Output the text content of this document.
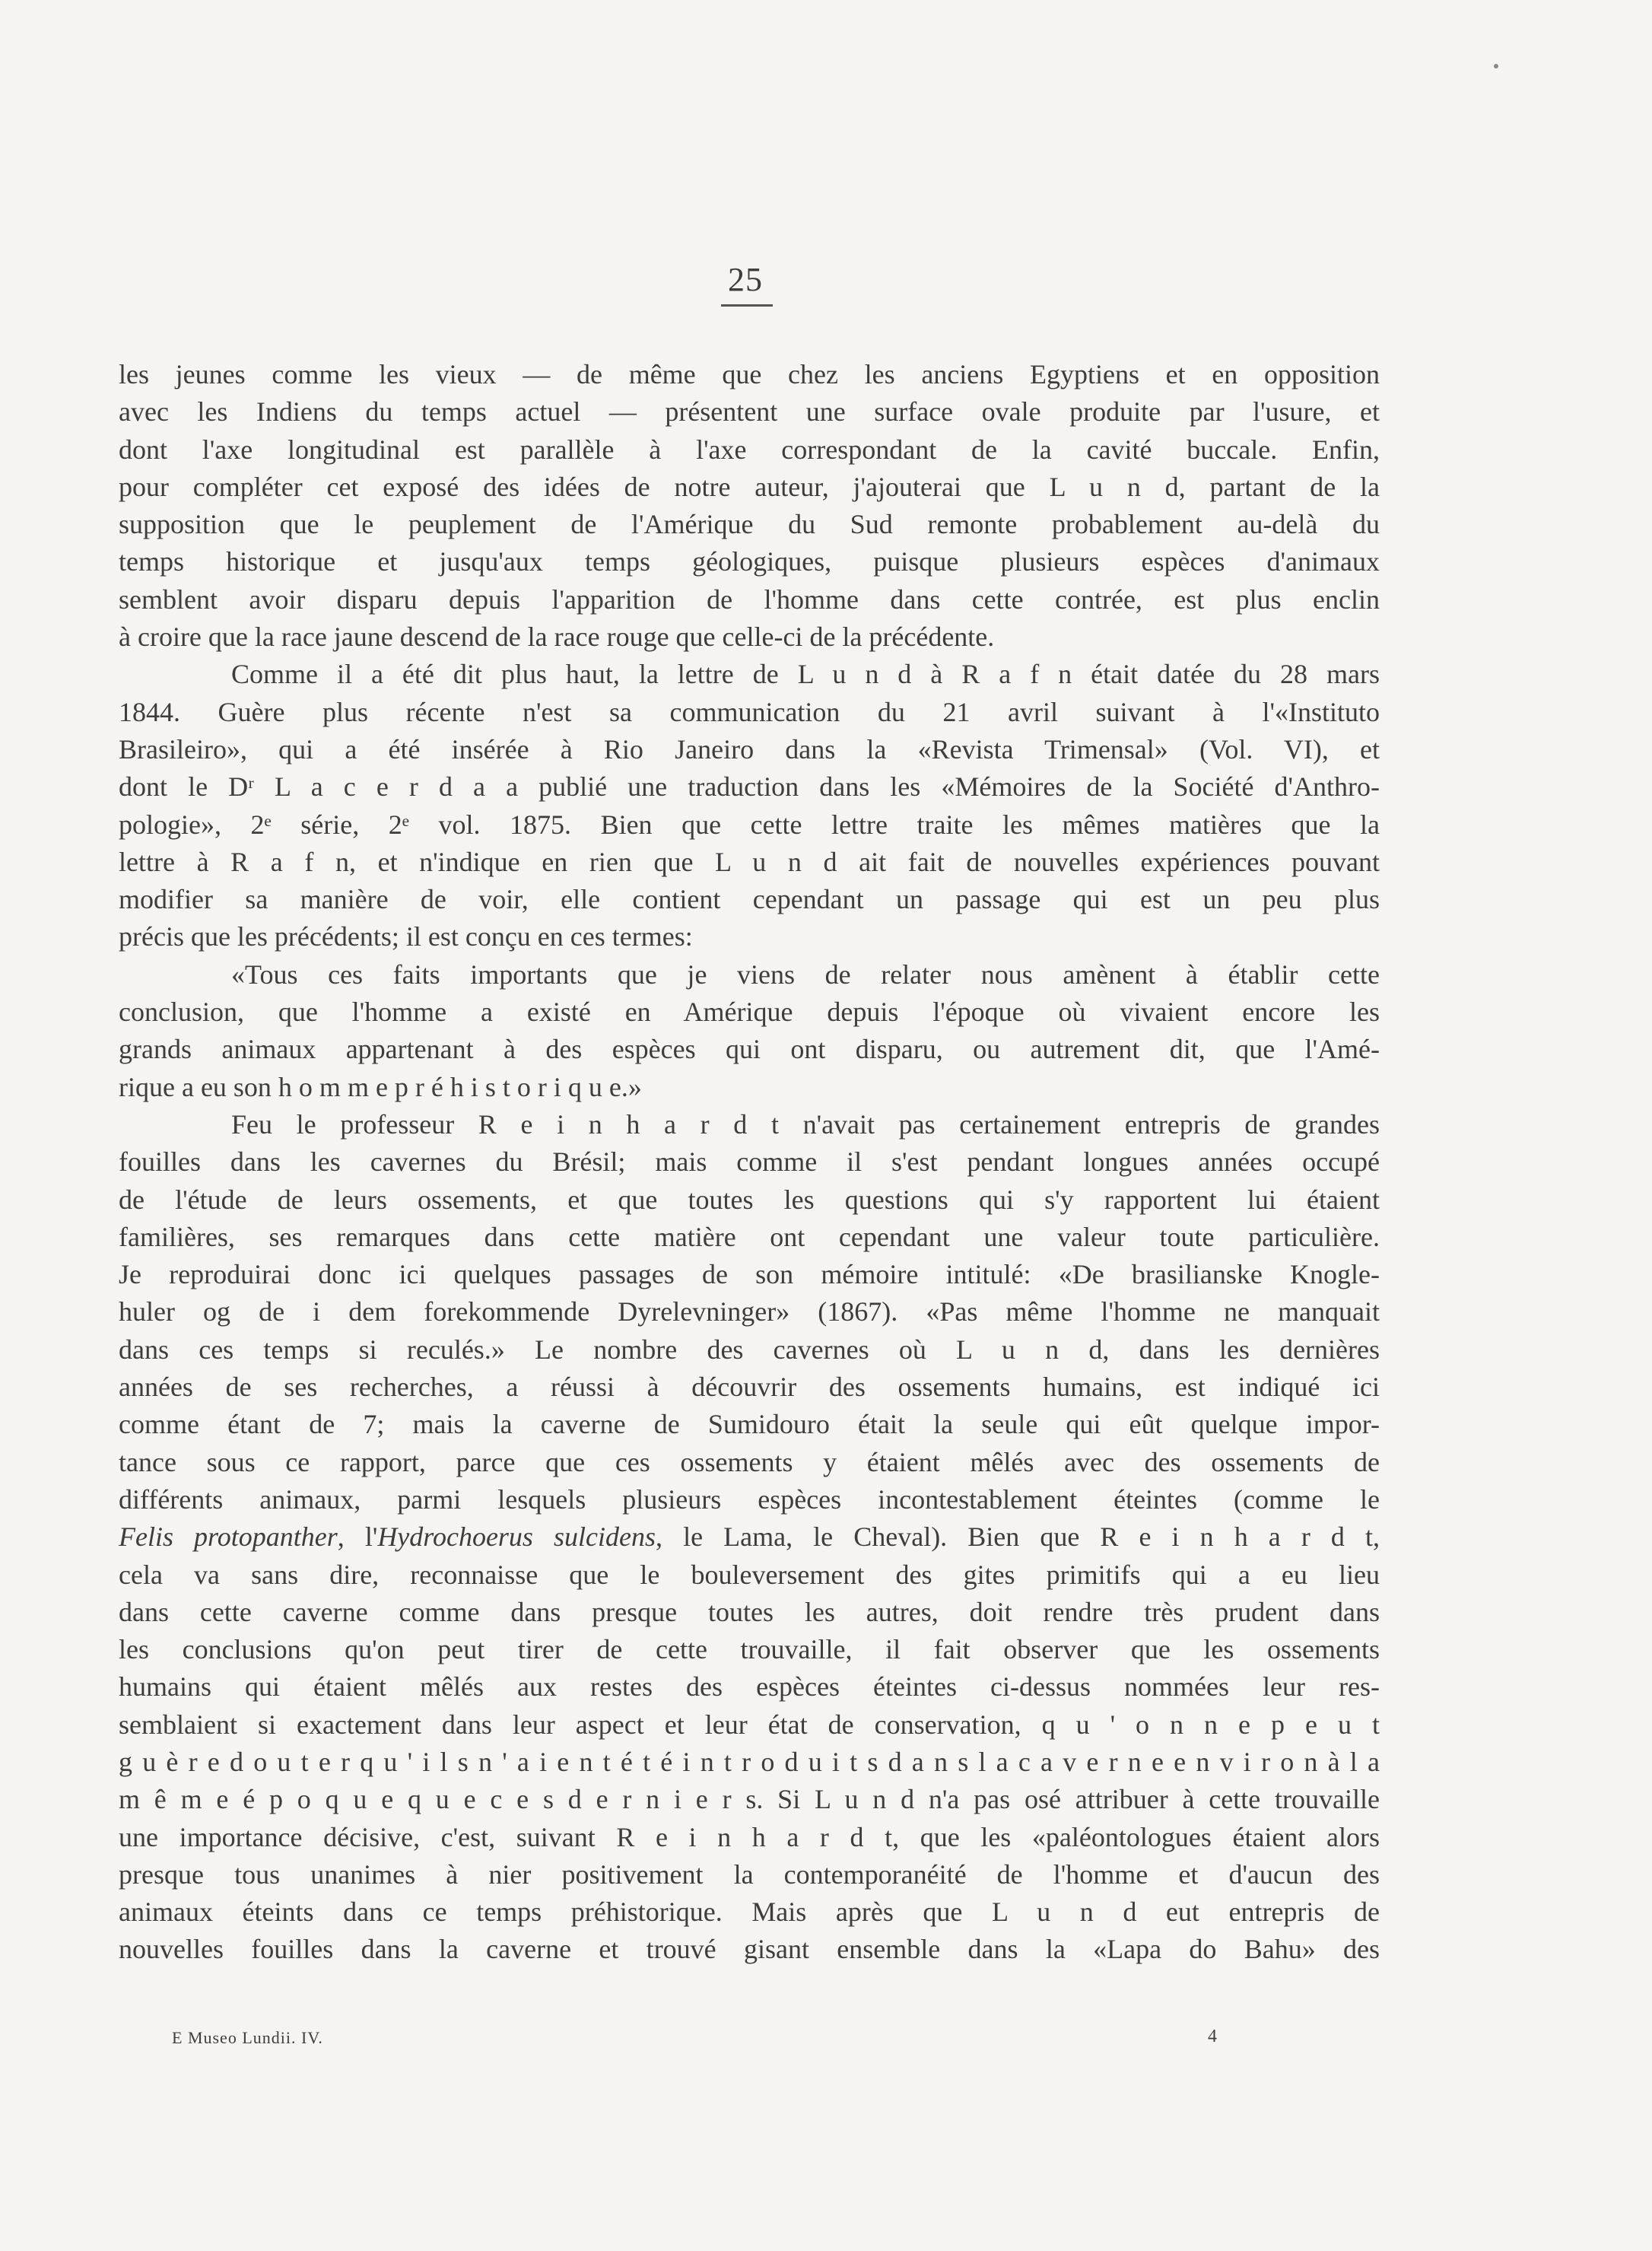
25
les jeunes comme les vieux — de même que chez les anciens Egyptiens et en opposition
avec les Indiens du temps actuel — présentent une surface ovale produite par l'usure, et
dont l'axe longitudinal est parallèle à l'axe correspondant de la cavité buccale. Enfin,
pour compléter cet exposé des idées de notre auteur, j'ajouterai que L u n d, partant de la
supposition que le peuplement de l'Amérique du Sud remonte probablement au-delà du
temps historique et jusqu'aux temps géologiques, puisque plusieurs espèces d'animaux
semblent avoir disparu depuis l'apparition de l'homme dans cette contrée, est plus enclin
à croire que la race jaune descend de la race rouge que celle-ci de la précédente.
Comme il a été dit plus haut, la lettre de L u n d à R a f n était datée du 28 mars
1844. Guère plus récente n'est sa communication du 21 avril suivant à l'«Instituto
Brasileiro», qui a été insérée à Rio Janeiro dans la «Revista Trimensal» (Vol. VI), et
dont le Dʳ L a c e r d a a publié une traduction dans les «Mémoires de la Société d'Anthro-
pologie», 2ᵉ série, 2ᵉ vol. 1875. Bien que cette lettre traite les mêmes matières que la
lettre à R a f n, et n'indique en rien que L u n d ait fait de nouvelles expériences pouvant
modifier sa manière de voir, elle contient cependant un passage qui est un peu plus
précis que les précédents; il est conçu en ces termes:
«Tous ces faits importants que je viens de relater nous amènent à établir cette
conclusion, que l'homme a existé en Amérique depuis l'époque où vivaient encore les
grands animaux appartenant à des espèces qui ont disparu, ou autrement dit, que l'Amé-
rique a eu son h o m m e p r é h i s t o r i q u e.»
Feu le professeur R e i n h a r d t n'avait pas certainement entrepris de grandes
fouilles dans les cavernes du Brésil; mais comme il s'est pendant longues années occupé
de l'étude de leurs ossements, et que toutes les questions qui s'y rapportent lui étaient
familières, ses remarques dans cette matière ont cependant une valeur toute particulière.
Je reproduirai donc ici quelques passages de son mémoire intitulé: «De brasilianske Knogle-
huler og de i dem forekommende Dyrelevninger» (1867). «Pas même l'homme ne manquait
dans ces temps si reculés.» Le nombre des cavernes où L u n d, dans les dernières
années de ses recherches, a réussi à découvrir des ossements humains, est indiqué ici
comme étant de 7; mais la caverne de Sumidouro était la seule qui eût quelque impor-
tance sous ce rapport, parce que ces ossements y étaient mêlés avec des ossements de
différents animaux, parmi lesquels plusieurs espèces incontestablement éteintes (comme le
Felis protopanther, l'Hydrochoerus sulcidens, le Lama, le Cheval). Bien que R e i n h a r d t,
cela va sans dire, reconnaisse que le bouleversement des gites primitifs qui a eu lieu
dans cette caverne comme dans presque toutes les autres, doit rendre très prudent dans
les conclusions qu'on peut tirer de cette trouvaille, il fait observer que les ossements
humains qui étaient mêlés aux restes des espèces éteintes ci-dessus nommées leur res-
semblaient si exactement dans leur aspect et leur état de conservation, q u ' o n n e p e u t
g u è r e d o u t e r q u ' i l s n ' a i e n t é t é i n t r o d u i t s d a n s l a c a v e r n e e n v i r o n à l a
m ê m e é p o q u e q u e c e s d e r n i e r s. Si L u n d n'a pas osé attribuer à cette trouvaille
une importance décisive, c'est, suivant R e i n h a r d t, que les «paléontologues étaient alors
presque tous unanimes à nier positivement la contemporanéité de l'homme et d'aucun des
animaux éteints dans ce temps préhistorique. Mais après que L u n d eut entrepris de
nouvelles fouilles dans la caverne et trouvé gisant ensemble dans la «Lapa do Bahu» des
E Museo Lundii. IV.	4
